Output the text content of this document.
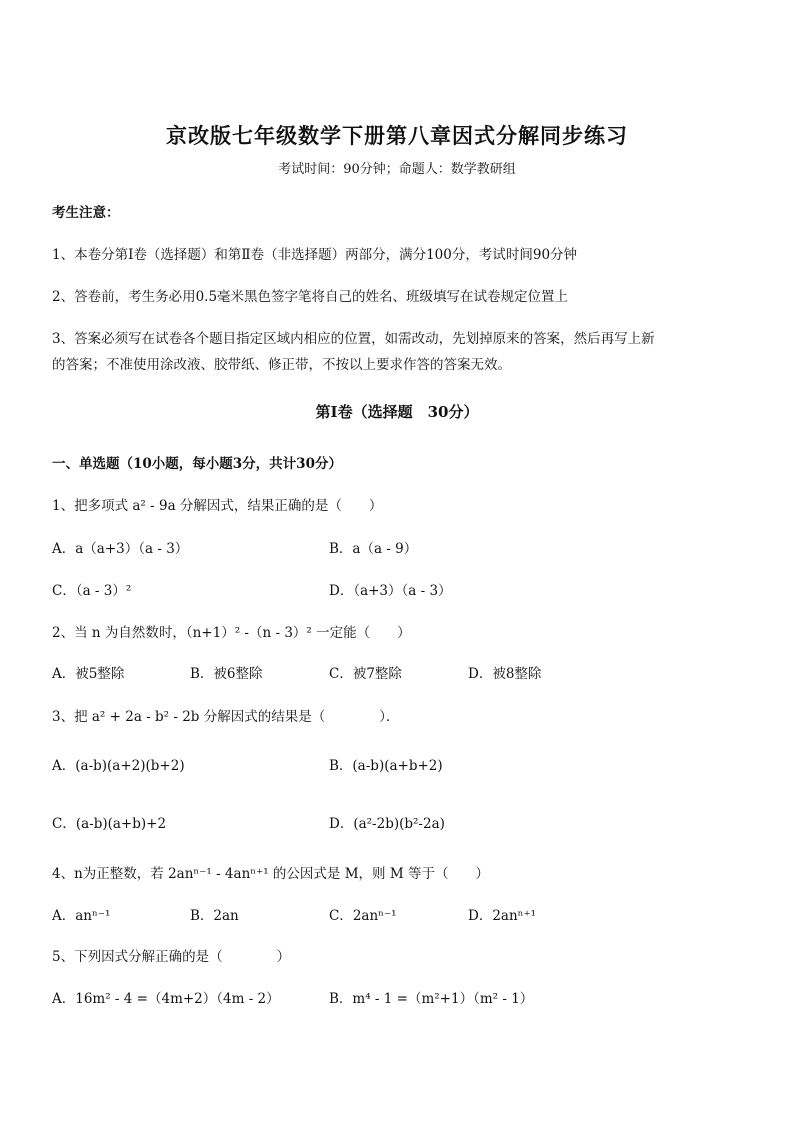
京改版七年级数学下册第八章因式分解同步练习
考试时间：90分钟；命题人：数学教研组
考生注意：
1、本卷分第Ⅰ卷（选择题）和第Ⅱ卷（非选择题）两部分，满分100分，考试时间90分钟
2、答卷前，考生务必用0.5毫米黑色签字笔将自己的姓名、班级填写在试卷规定位置上
3、答案必须写在试卷各个题目指定区域内相应的位置，如需改动，先划掉原来的答案，然后再写上新
的答案；不准使用涂改液、胶带纸、修正带，不按以上要求作答的答案无效。
第Ⅰ卷（选择题　30分）
一、单选题（10小题，每小题3分，共计30分）
1、把多项式 a² - 9a 分解因式，结果正确的是（　　）
A．a（a+3）（a - 3）	B．a（a - 9）
C．（a - 3）²	D．（a+3）（a - 3）
2、当 n 为自然数时，（n+1）² -（n - 3）² 一定能（　　）
A．被5整除	B．被6整除	C．被7整除	D．被8整除
3、把 a² + 2a - b² - 2b 分解因式的结果是（　　　　）．
A．(a-b)(a+2)(b+2)	B．(a-b)(a+b+2)
C．(a-b)(a+b)+2	D．(a²-2b)(b²-2a)
4、n为正整数，若 2anⁿ⁻¹ - 4anⁿ⁺¹ 的公因式是 M，则 M 等于（　　）
A．anⁿ⁻¹	B．2an	C．2anⁿ⁻¹	D．2anⁿ⁺¹
5、下列因式分解正确的是（　　　　）
A．16m² - 4 =（4m+2）（4m - 2）	B．m⁴ - 1 =（m²+1）（m² - 1）
